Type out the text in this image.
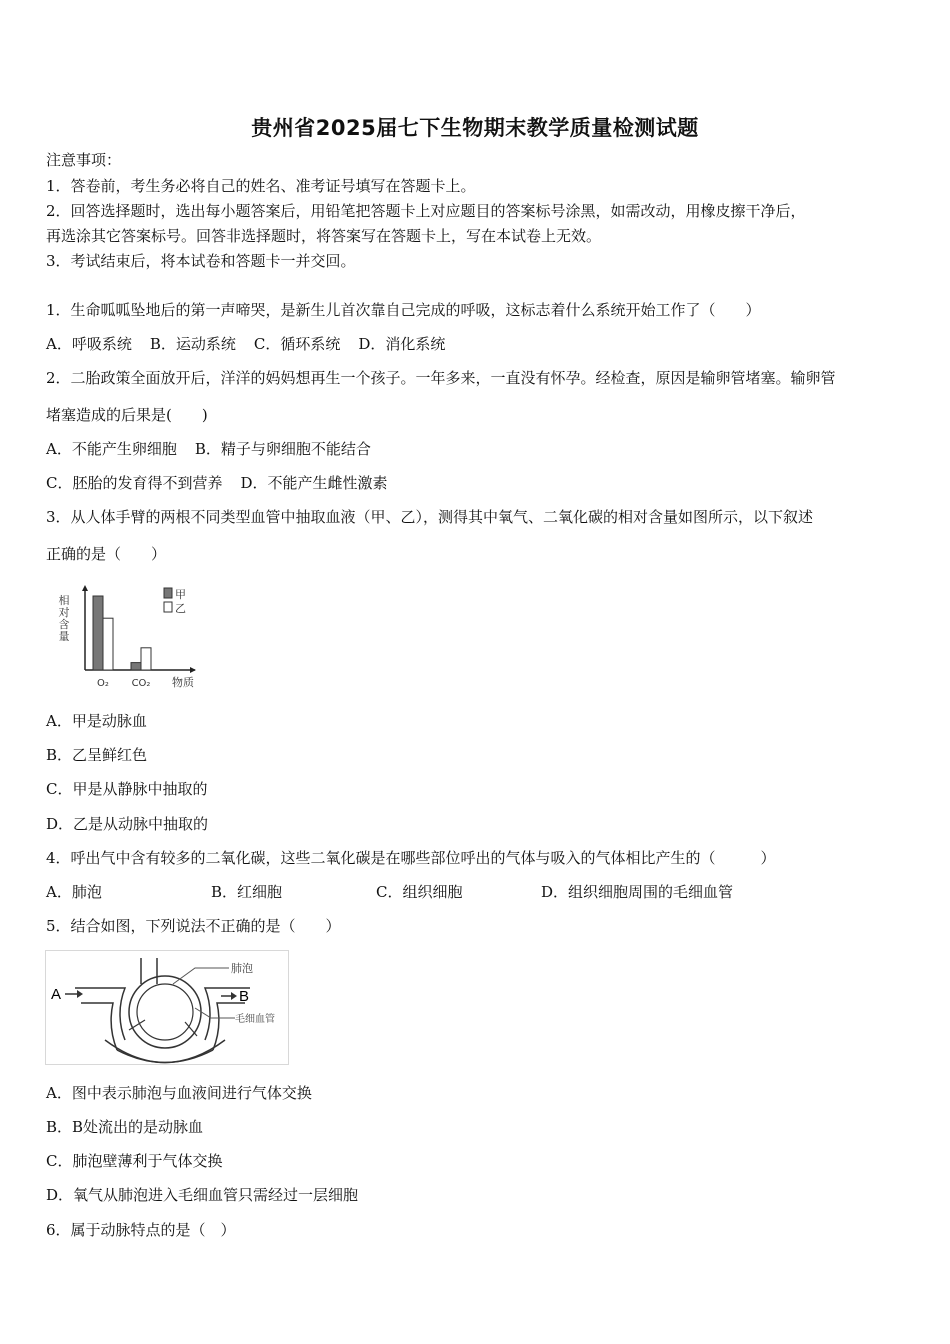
贵州省2025届七下生物期末教学质量检测试题
注意事项：
1．答卷前，考生务必将自己的姓名、准考证号填写在答题卡上。
2．回答选择题时，选出每小题答案后，用铅笔把答题卡上对应题目的答案标号涂黑，如需改动，用橡皮擦干净后，
再选涂其它答案标号。回答非选择题时，将答案写在答题卡上，写在本试卷上无效。
3．考试结束后，将本试卷和答题卡一并交回。
1．生命呱呱坠地后的第一声啼哭，是新生儿首次靠自己完成的呼吸，这标志着什么系统开始工作了（　　）
A．呼吸系统 B．运动系统 C．循环系统 D．消化系统
2．二胎政策全面放开后，洋洋的妈妈想再生一个孩子。一年多来，一直没有怀孕。经检查，原因是输卵管堵塞。输卵管
堵塞造成的后果是(　　)
A．不能产生卵细胞 B．精子与卵细胞不能结合
C．胚胎的发育得不到营养 D．不能产生雌性激素
3．从人体手臂的两根不同类型血管中抽取血液（甲、乙），测得其中氧气、二氧化碳的相对含量如图所示，以下叙述
正确的是（　　）
相对含量
O₂ CO₂ 物质
甲
乙
A．甲是动脉血
B．乙呈鲜红色
C．甲是从静脉中抽取的
D．乙是从动脉中抽取的
4．呼出气中含有较多的二氧化碳，这些二氧化碳是在哪些部位呼出的气体与吸入的气体相比产生的（　　　）
A．肺泡	B．红细胞	C．组织细胞	D．组织细胞周围的毛细血管
5．结合如图，下列说法不正确的是（　　）
A	B
肺泡
毛细血管
A．图中表示肺泡与血液间进行气体交换
B．B处流出的是动脉血
C．肺泡壁薄利于气体交换
D．氧气从肺泡进入毛细血管只需经过一层细胞
6．属于动脉特点的是（　）
